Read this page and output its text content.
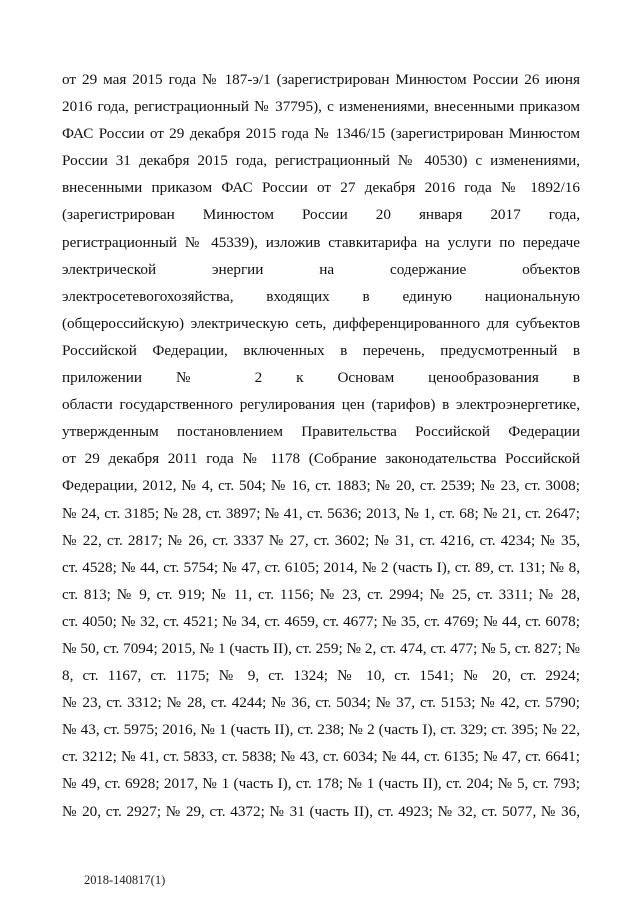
от 29 мая 2015 года № 187-э/1 (зарегистрирован Минюстом России 26 июня
2016 года, регистрационный № 37795), с изменениями, внесенными приказом
ФАС России от 29 декабря 2015 года № 1346/15 (зарегистрирован Минюстом
России 31 декабря 2015 года, регистрационный № 40530) с изменениями,
внесенными приказом ФАС России от 27 декабря 2016 года № 1892/16
(зарегистрирован Минюстом России 20 января 2017 года,
регистрационный № 45339), изложив ставкитарифа на услуги по передаче
электрической энергии на содержание объектов
электросетевогохозяйства, входящих в единую национальную
(общероссийскую) электрическую сеть, дифференцированного для субъектов
Российской Федерации, включенных в перечень, предусмотренный в
приложении № 2 к Основам ценообразования в
области государственного регулирования цен (тарифов) в электроэнергетике,
утвержденным постановлением Правительства Российской Федерации
от 29 декабря 2011 года № 1178 (Собрание законодательства Российской
Федерации, 2012, № 4, ст. 504; № 16, ст. 1883; № 20, ст. 2539; № 23, ст. 3008;
№ 24, ст. 3185; № 28, ст. 3897; № 41, ст. 5636; 2013, № 1, ст. 68; № 21, ст. 2647;
№ 22, ст. 2817; № 26, ст. 3337 № 27, ст. 3602; № 31, ст. 4216, ст. 4234; № 35,
ст. 4528; № 44, ст. 5754; № 47, ст. 6105; 2014, № 2 (часть I), ст. 89, ст. 131; № 8,
ст. 813; № 9, ст. 919; № 11, ст. 1156; № 23, ст. 2994; № 25, ст. 3311; № 28,
ст. 4050; № 32, ст. 4521; № 34, ст. 4659, ст. 4677; № 35, ст. 4769; № 44, ст. 6078;
№ 50, ст. 7094; 2015, № 1 (часть II), ст. 259; № 2, ст. 474, ст. 477; № 5, ст. 827; №
8, ст. 1167, ст. 1175; № 9, ст. 1324; № 10, ст. 1541; № 20, ст. 2924;
№ 23, ст. 3312; № 28, ст. 4244; № 36, ст. 5034; № 37, ст. 5153; № 42, ст. 5790;
№ 43, ст. 5975; 2016, № 1 (часть II), ст. 238; № 2 (часть I), ст. 329; ст. 395; № 22,
ст. 3212; № 41, ст. 5833, ст. 5838; № 43, ст. 6034; № 44, ст. 6135; № 47, ст. 6641;
№ 49, ст. 6928; 2017, № 1 (часть I), ст. 178; № 1 (часть II), ст. 204; № 5, ст. 793;
№ 20, ст. 2927; № 29, ст. 4372; № 31 (часть II), ст. 4923; № 32, ст. 5077, № 36,
2018-140817(1)
